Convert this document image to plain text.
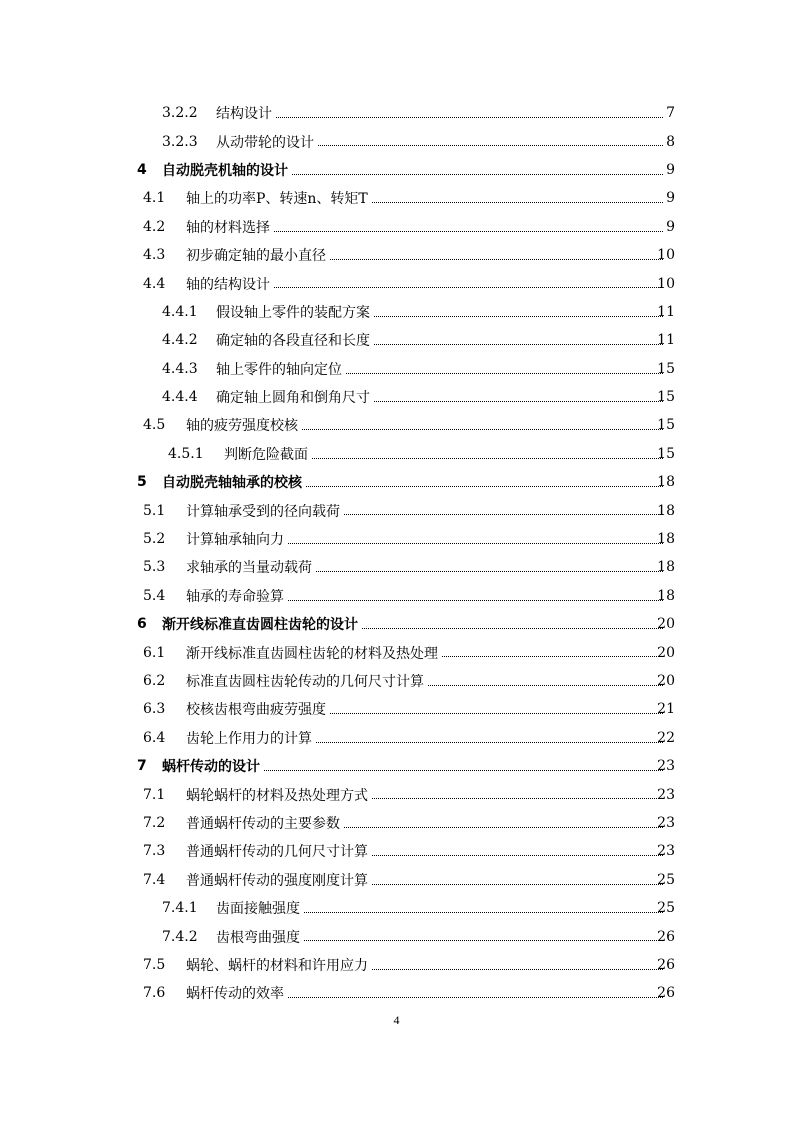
3.2.2 结构设计	7
3.2.3 从动带轮的设计	8
4 自动脱壳机轴的设计	9
4.1 轴上的功率P、转速n、转矩T	9
4.2 轴的材料选择	9
4.3 初步确定轴的最小直径	10
4.4 轴的结构设计	10
4.4.1 假设轴上零件的装配方案	11
4.4.2 确定轴的各段直径和长度	11
4.4.3 轴上零件的轴向定位	15
4.4.4 确定轴上圆角和倒角尺寸	15
4.5 轴的疲劳强度校核	15
4.5.1 判断危险截面	15
5 自动脱壳轴轴承的校核	18
5.1 计算轴承受到的径向载荷	18
5.2 计算轴承轴向力	18
5.3 求轴承的当量动载荷	18
5.4 轴承的寿命验算	18
6 渐开线标准直齿圆柱齿轮的设计	20
6.1 渐开线标准直齿圆柱齿轮的材料及热处理	20
6.2 标准直齿圆柱齿轮传动的几何尺寸计算	20
6.3 校核齿根弯曲疲劳强度	21
6.4 齿轮上作用力的计算	22
7 蜗杆传动的设计	23
7.1 蜗轮蜗杆的材料及热处理方式	23
7.2 普通蜗杆传动的主要参数	23
7.3 普通蜗杆传动的几何尺寸计算	23
7.4 普通蜗杆传动的强度刚度计算	25
7.4.1 齿面接触强度	25
7.4.2 齿根弯曲强度	26
7.5 蜗轮、蜗杆的材料和许用应力	26
7.6 蜗杆传动的效率	26
4
